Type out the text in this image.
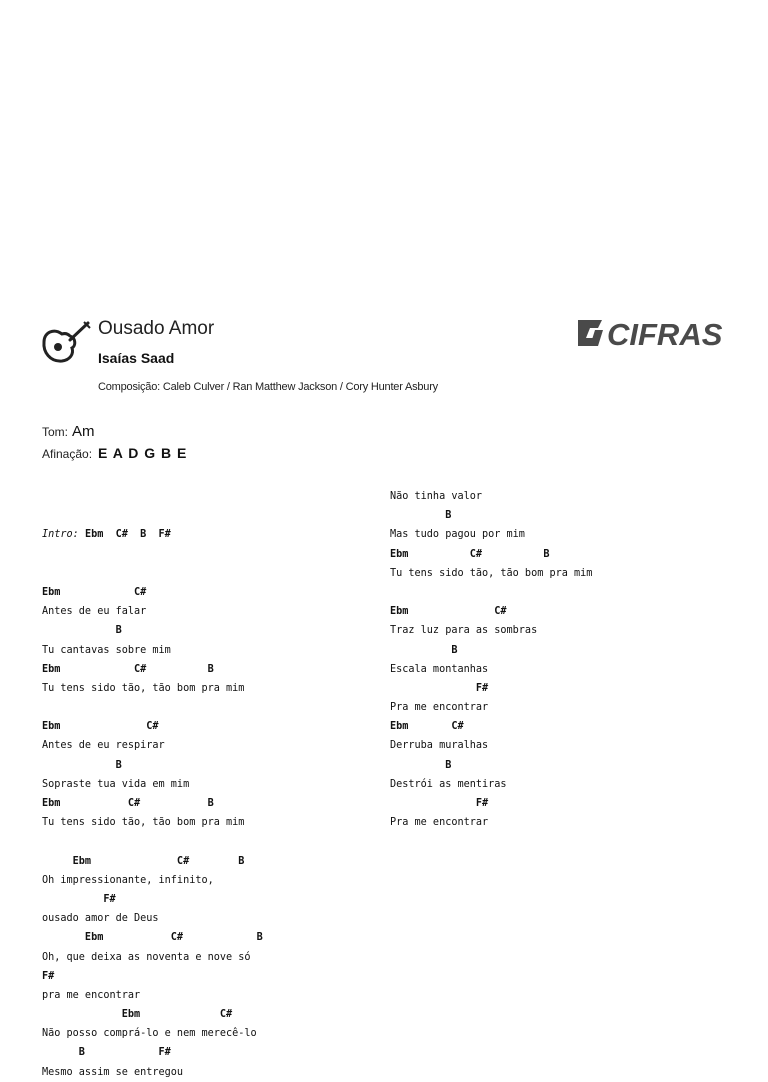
Ousado Amor
Isaías Saad
Composição: Caleb Culver / Ran Matthew Jackson / Cory Hunter Asbury
CIFRAS
Tom: Am
Afinação: E A D G B E

Intro: Ebm  C#  B  F#

Ebm            C#
Antes de eu falar
B
Tu cantavas sobre mim
Ebm            C#          B
Tu tens sido tão, tão bom pra mim
Ebm              C#
Antes de eu respirar
B
Sopraste tua vida em mim
Ebm           C#           B
Tu tens sido tão, tão bom pra mim
Ebm              C#        B
Oh impressionante, infinito,
F#
ousado amor de Deus
Ebm           C#            B
Oh, que deixa as noventa e nove só
F#
pra me encontrar
Ebm             C#
Não posso comprá-lo e nem merecê-lo
B            F#
Mesmo assim se entregou
Não tinha valor
B
Mas tudo pagou por mim
Ebm          C#          B
Tu tens sido tão, tão bom pra mim
Ebm              C#
Traz luz para as sombras
B
Escala montanhas
F#
Pra me encontrar
Ebm       C#
Derruba muralhas
B
Destrói as mentiras
F#
Pra me encontrar
